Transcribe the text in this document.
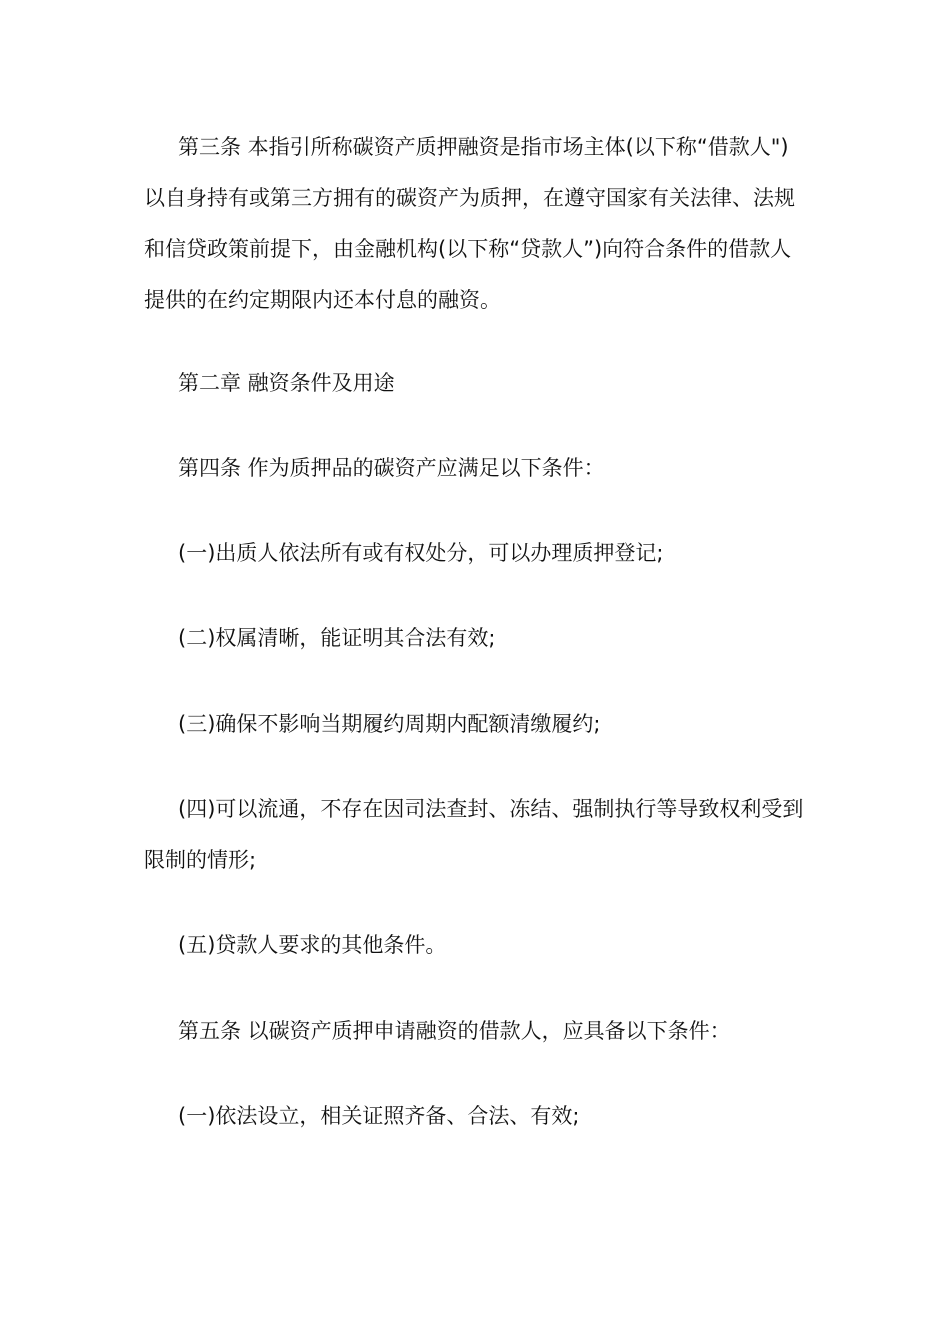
第三条 本指引所称碳资产质押融资是指市场主体(以下称“借款人")以自身持有或第三方拥有的碳资产为质押，在遵守国家有关法律、法规和信贷政策前提下，由金融机构(以下称“贷款人”)向符合条件的借款人提供的在约定期限内还本付息的融资。

第二章 融资条件及用途

第四条 作为质押品的碳资产应满足以下条件：

(一)出质人依法所有或有权处分，可以办理质押登记;

(二)权属清晰，能证明其合法有效;

(三)确保不影响当期履约周期内配额清缴履约;

(四)可以流通，不存在因司法查封、冻结、强制执行等导致权利受到限制的情形;

(五)贷款人要求的其他条件。

第五条 以碳资产质押申请融资的借款人，应具备以下条件：

(一)依法设立，相关证照齐备、合法、有效;
